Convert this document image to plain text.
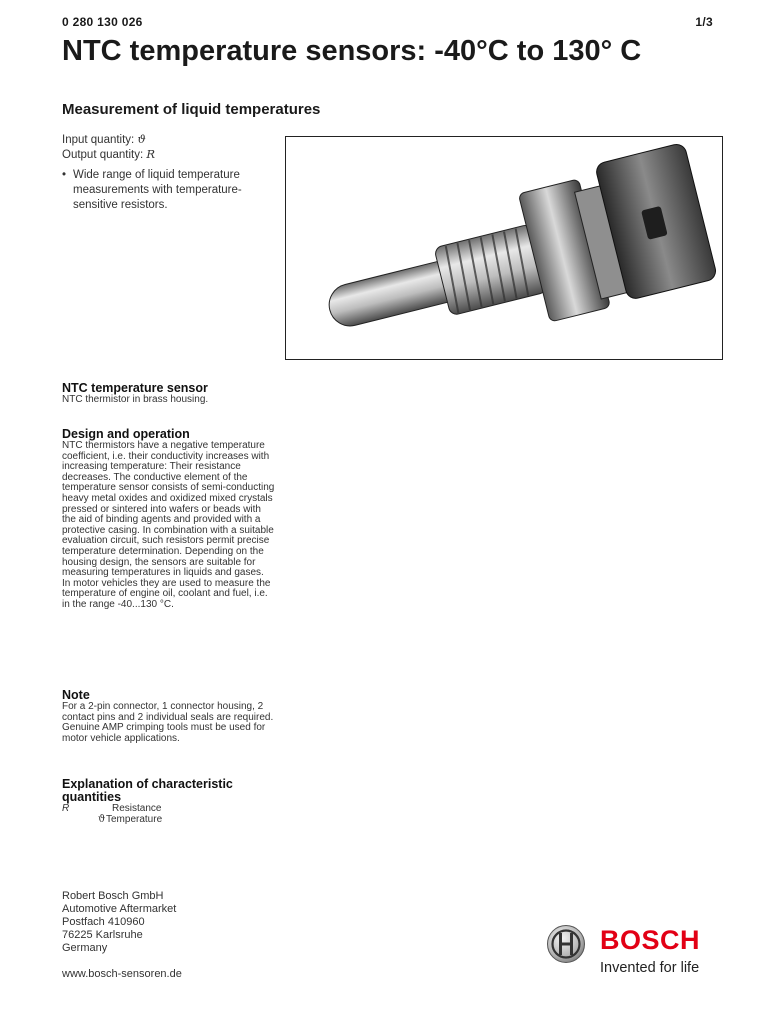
0 280 130 026	1/3
NTC temperature sensors: -40°C to 130° C
Measurement of liquid temperatures
Input quantity: ϑ
Output quantity: R
• Wide range of liquid temperature measurements with temperature-sensitive resistors.
NTC temperature sensor

NTC thermistor in brass housing.

Design and operation

NTC thermistors have a negative temperature coefficient, i.e. their conductivity increases with increasing temperature: Their resistance decreases. The conductive element of the temperature sensor consists of semi-conducting heavy metal oxides and oxidized mixed crystals pressed or sintered into wafers or beads with the aid of binding agents and provided with a protective casing. In combination with a suitable evaluation circuit, such resistors permit precise temperature determination. Depending on the housing design, the sensors are suitable for measuring temperatures in liquids and gases.

In motor vehicles they are used to measure the temperature of engine oil, coolant and fuel, i.e. in the range -40...130 °C.

Note

For a 2-pin connector, 1 connector housing, 2 contact pins and 2 individual seals are required.

Genuine AMP crimping tools must be used for motor vehicle applications.

Explanation of characteristic quantities
R	Resistance
ϑ Temperature
Robert Bosch GmbH
Automotive Aftermarket
Postfach 410960
76225 Karlsruhe
Germany
www.bosch-sensoren.de
BOSCH
Invented for life
